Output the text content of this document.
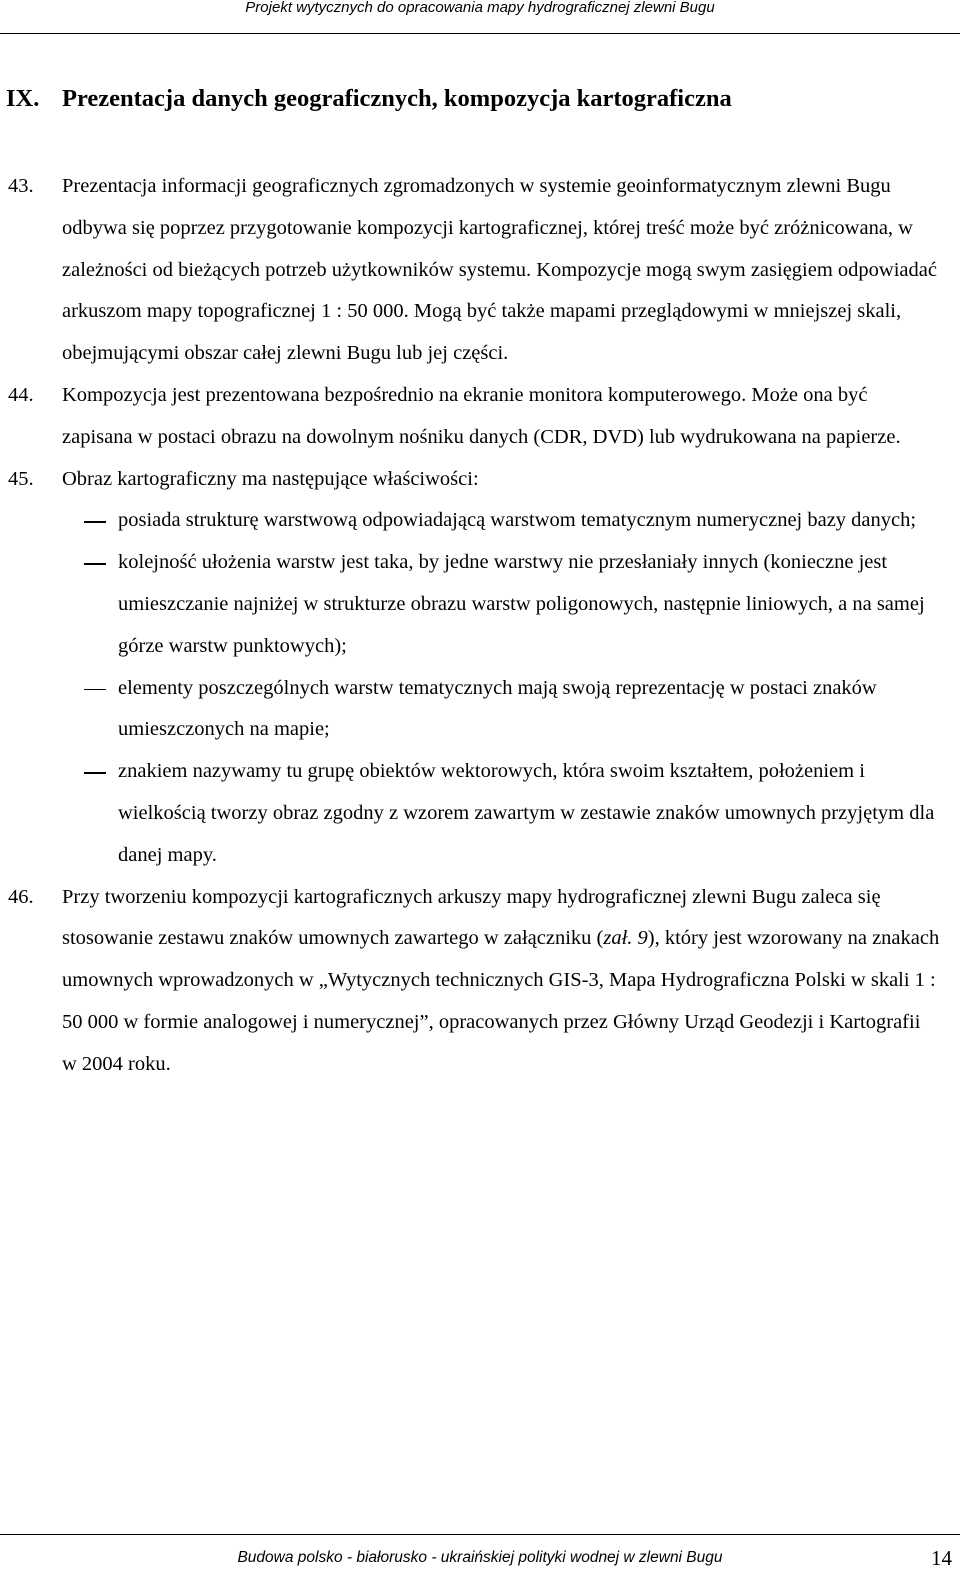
Projekt wytycznych do opracowania mapy hydrograficznej zlewni Bugu
IX. Prezentacja danych geograficznych, kompozycja kartograficzna

43. Prezentacja informacji geograficznych zgromadzonych w systemie geoinformatycznym zlewni Bugu odbywa się poprzez przygotowanie kompozycji kartograficznej, której treść może być zróżnicowana, w zależności od bieżących potrzeb użytkowników systemu. Kompozycje mogą swym zasięgiem odpowiadać arkuszom mapy topograficznej 1 : 50 000. Mogą być także mapami przeglądowymi w mniejszej skali, obejmującymi obszar całej zlewni Bugu lub jej części.

44. Kompozycja jest prezentowana bezpośrednio na ekranie monitora komputerowego. Może ona być zapisana w postaci obrazu na dowolnym nośniku danych (CDR, DVD) lub wydrukowana na papierze.

45. Obraz kartograficzny ma następujące właściwości:

posiada strukturę warstwową odpowiadającą warstwom tematycznym numerycznej bazy danych;
kolejność ułożenia warstw jest taka, by jedne warstwy nie przesłaniały innych (konieczne jest umieszczanie najniżej w strukturze obrazu warstw poligonowych, następnie liniowych, a na samej górze warstw punktowych);
elementy poszczególnych warstw tematycznych mają swoją reprezentację w postaci znaków umieszczonych na mapie;
znakiem nazywamy tu grupę obiektów wektorowych, która swoim kształtem, położeniem i wielkością tworzy obraz zgodny z wzorem zawartym w zestawie znaków umownych przyjętym dla danej mapy.

46. Przy tworzeniu kompozycji kartograficznych arkuszy mapy hydrograficznej zlewni Bugu zaleca się stosowanie zestawu znaków umownych zawartego w załączniku (zał. 9), który jest wzorowany na znakach umownych wprowadzonych w „Wytycznych technicznych GIS-3, Mapa Hydrograficzna Polski w skali 1 : 50 000 w formie analogowej i numerycznej”, opracowanych przez Główny Urząd Geodezji i Kartografii w 2004 roku.

Budowa polsko - białorusko - ukraińskiej polityki wodnej w zlewni Bugu	14
